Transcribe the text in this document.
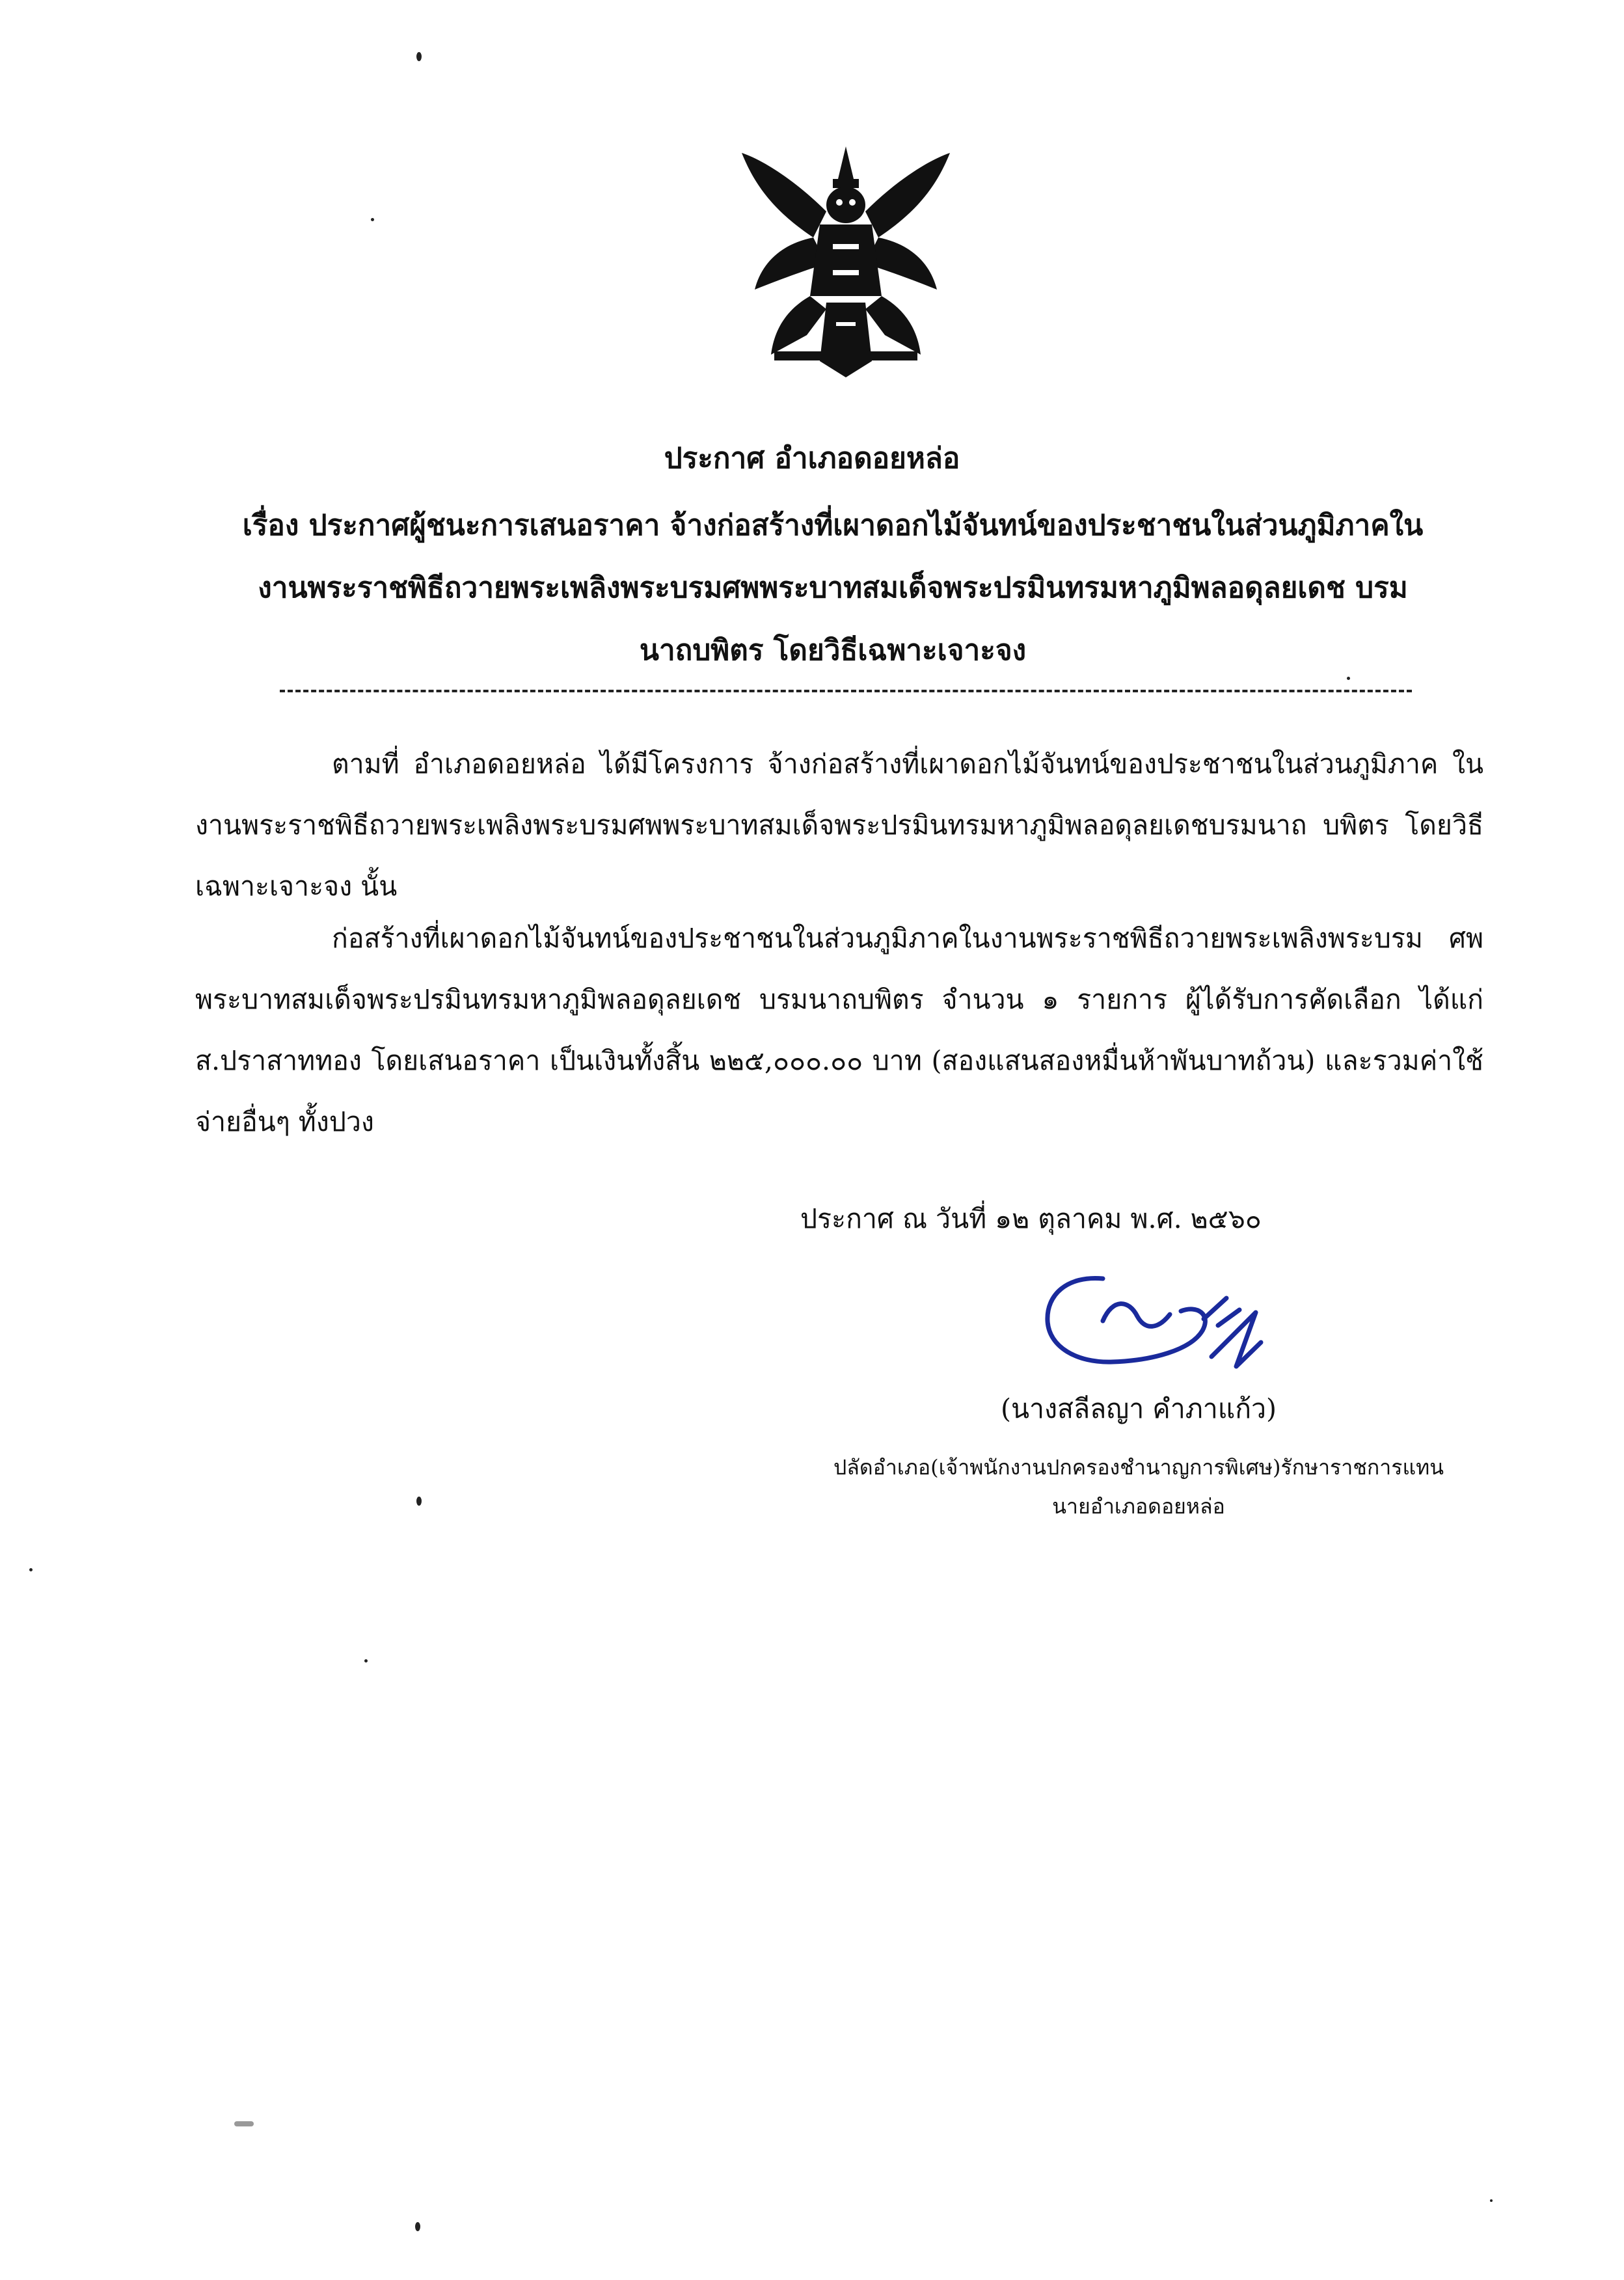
ประกาศ อำเภอดอยหล่อ
เรื่อง ประกาศผู้ชนะการเสนอราคา จ้างก่อสร้างที่เผาดอกไม้จันทน์ของประชาชนในส่วนภูมิภาคใน
งานพระราชพิธีถวายพระเพลิงพระบรมศพพระบาทสมเด็จพระปรมินทรมหาภูมิพลอดุลยเดช บรม
นาถบพิตร โดยวิธีเฉพาะเจาะจง
ตามที่ อำเภอดอยหล่อ ได้มีโครงการ จ้างก่อสร้างที่เผาดอกไม้จันทน์ของประชาชนในส่วนภูมิภาค ในงานพระราชพิธีถวายพระเพลิงพระบรมศพพระบาทสมเด็จพระปรมินทรมหาภูมิพลอดุลยเดชบรมนาถ บพิตร โดยวิธีเฉพาะเจาะจง นั้น
ก่อสร้างที่เผาดอกไม้จันทน์ของประชาชนในส่วนภูมิภาคในงานพระราชพิธีถวายพระเพลิงพระบรม ศพพระบาทสมเด็จพระปรมินทรมหาภูมิพลอดุลยเดช บรมนาถบพิตร จำนวน ๑ รายการ ผู้ได้รับการคัดเลือก ได้แก่ ส.ปราสาททอง โดยเสนอราคา เป็นเงินทั้งสิ้น ๒๒๕,๐๐๐.๐๐ บาท (สองแสนสองหมื่นห้าพันบาทถ้วน) และรวมค่าใช้จ่ายอื่นๆ ทั้งปวง
ประกาศ ณ วันที่ ๑๒ ตุลาคม พ.ศ. ๒๕๖๐
(นางสลีลญา คำภาแก้ว)
ปลัดอำเภอ(เจ้าพนักงานปกครองชำนาญการพิเศษ)รักษาราชการแทน
นายอำเภอดอยหล่อ
